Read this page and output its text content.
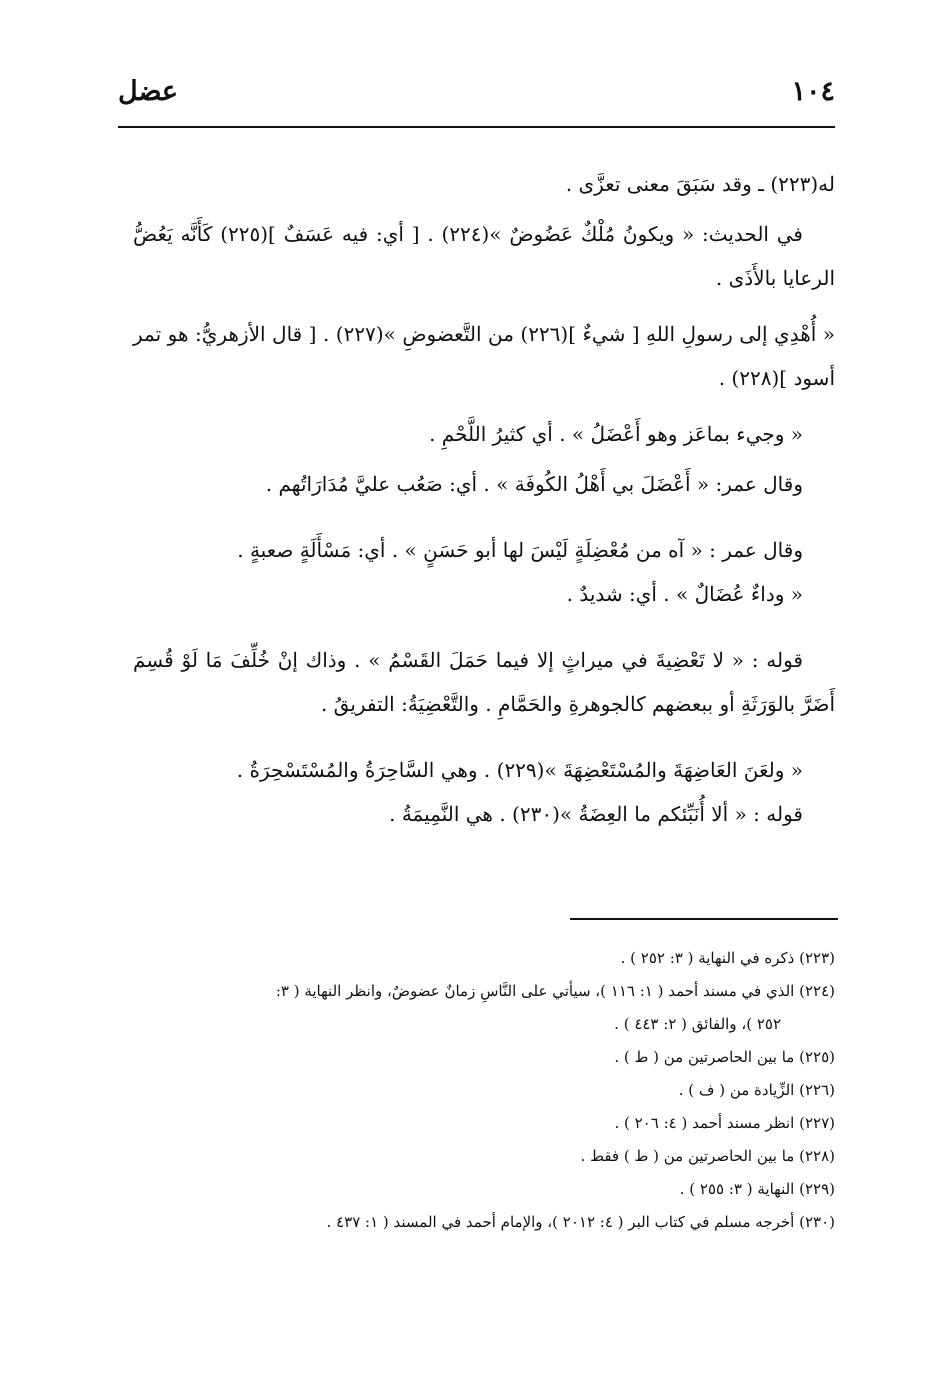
١٠٤
عضل

له(٢٢٣) ـ وقد سَبَقَ معنى تعزَّى .

في الحديث: « ويكونُ مُلْكٌ عَضُوضٌ »(٢٢٤) . [ أي: فيه عَسَفٌ ](٢٢٥) كَأَنَّه يَعُضُّ الرعايا بالأَذَى .

« أُهْدِي إلى رسولِ اللهِ [ شيءٌ ](٢٢٦) من التَّعضوضِ »(٢٢٧) . [ قال الأزهريُّ: هو تمر أسود ](٢٢٨) .

« وجيء بماعَز وهو أَعْضَلُ » . أي كثيرُ اللَّحْمِ .

وقال عمر: « أَعْضَلَ بي أَهْلُ الكُوفَة » . أي: صَعُب عليَّ مُدَارَاتُهم .

وقال عمر : « آه من مُعْضِلَةٍ لَيْسَ لها أبو حَسَنٍ » . أي: مَسْأَلَةٍ صعبةٍ .

« وداءٌ عُضَالٌ » . أي: شديدٌ .

قوله : « لا تَعْضِيةَ في ميراثٍ إلا فيما حَمَلَ القَسْمُ » . وذاك إنْ خُلِّفَ مَا لَوْ قُسِمَ أَضَرَّ بالوَرَثَةِ أو ببعضهم كالجوهرةِ والحَمَّامِ . والتَّعْضِيَةُ: التفريقُ .

« ولعَنَ العَاضِهَةَ والمُسْتَعْضِهَةَ »(٢٢٩) . وهي السَّاحِرَةُ والمُسْتَسْحِرَةُ .

قوله : « ألا أُنَبِّئكم ما العِضَةُ »(٢٣٠) . هي النَّمِيمَةُ .

(٢٢٣) ذكره في النهاية ( ٣: ٢٥٢ ) .

(٢٢٤) الذي في مسند أحمد ( ١: ١١٦ )، سيأتي على النَّاسِ زمانٌ عضوضٌ، وانظر النهاية ( ٣:
٢٥٢ )، والفائق ( ٢: ٤٤٣ ) .

(٢٢٥) ما بين الحاصرتين من ( ط ) .

(٢٢٦) الزِّيادة من ( ف ) .

(٢٢٧) انظر مسند أحمد ( ٤: ٢٠٦ ) .

(٢٢٨) ما بين الحاصرتين من ( ط ) فقط .

(٢٢٩) النهاية ( ٣: ٢٥٥ ) .

(٢٣٠) أخرجه مسلم في كتاب البر ( ٤: ٢٠١٢ )، والإمام أحمد في المسند ( ١: ٤٣٧ .
